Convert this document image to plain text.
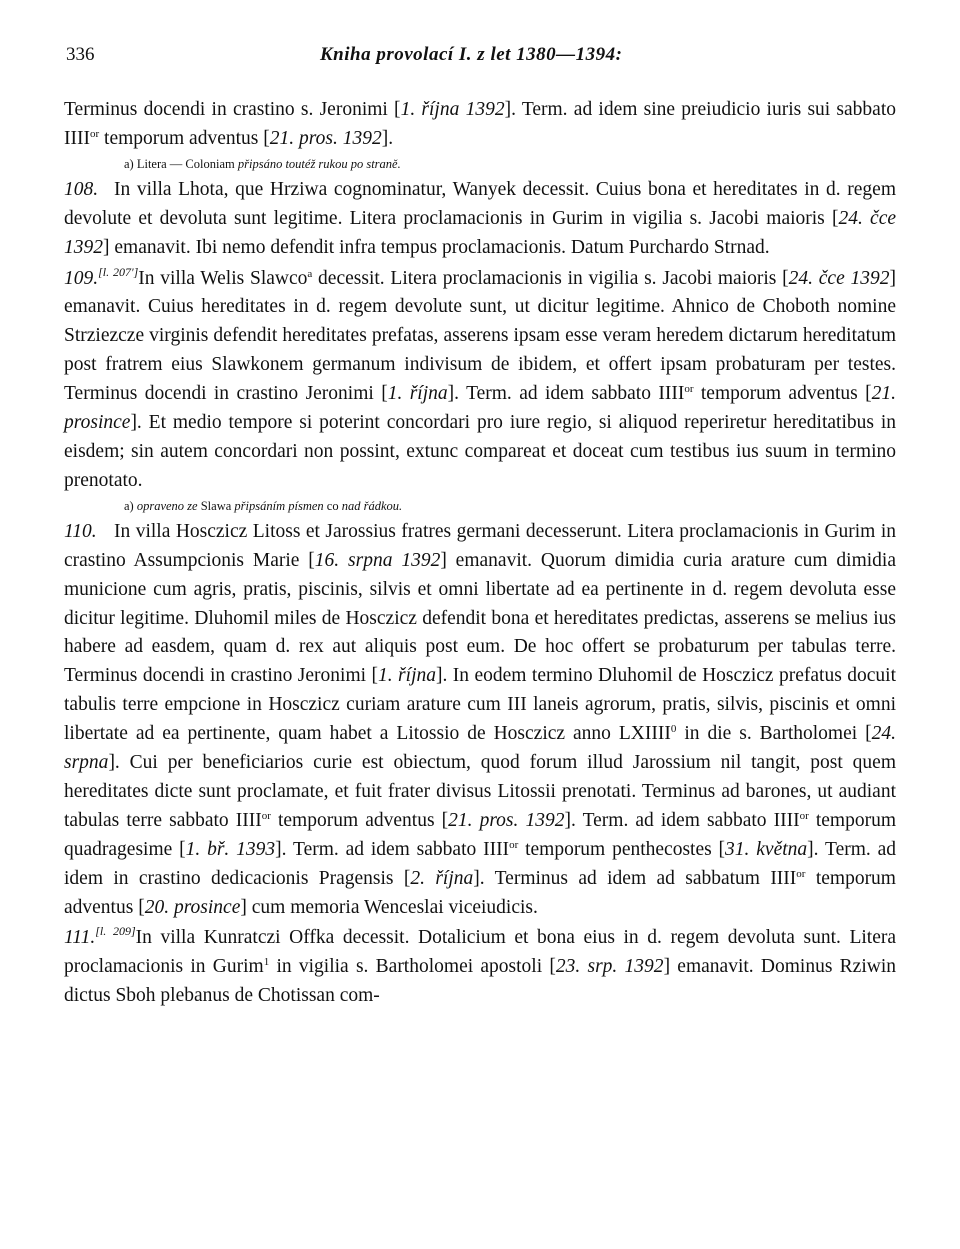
336	Kniha provolací I. z let 1380—1394:

Terminus docendi in crastino s. Jeronimi [1. října 1392]. Term. ad idem sine preiudicio iuris sui sabbato $IIII^{or}$ temporum adventus [21. pros. 1392].

a) Litera — Coloniam připsáno toutéž rukou po straně.

108. In villa Lhota, que Hrziwa cognominatur, Wanyek decessit. Cuius bona et hereditates in d. regem devolute et devoluta sunt legitime. Litera proclamacionis in Gurim in vigilia s. Jacobi maioris [24. čce 1392] emanavit. Ibi nemo defendit infra tempus proclamacionis. Datum Purchardo Strnad.

109.[l. 207']In villa Welis Slawco$^a$ decessit. Litera proclamacionis in vigilia s. Jacobi maioris [24. čce 1392] emanavit. Cuius hereditates in d. regem devolute sunt, ut dicitur legitime. Ahnico de Choboth nomine Strziezcze virginis defendit hereditates prefatas, asserens ipsam esse veram heredem dictarum hereditatum post fratrem eius Slawkonem germanum indivisum de ibidem, et offert ipsam probaturam per testes. Terminus docendi in crastino Jeronimi [1. října]. Term. ad idem sabbato $IIII^{or}$ temporum adventus [21. prosince]. Et medio tempore si poterint concordari pro iure regio, si aliquod reperiretur hereditatibus in eisdem; sin autem concordari non possint, extunc compareat et doceat cum testibus ius suum in termino prenotato.

a) opraveno ze Slawa připsáním písmen co nad řádkou.

110. In villa Hosczicz Litoss et Jarossius fratres germani decesserunt. Litera proclamacionis in Gurim in crastino Assumpcionis Marie [16. srpna 1392] emanavit. Quorum dimidia curia arature cum dimidia municione cum agris, pratis, piscinis, silvis et omni libertate ad ea pertinente in d. regem devoluta esse dicitur legitime. Dluhomil miles de Hosczicz defendit bona et hereditates predictas, asserens se melius ius habere ad easdem, quam d. rex aut aliquis post eum. De hoc offert se probaturum per tabulas terre. Terminus docendi in crastino Jeronimi [1. října]. In eodem termino Dluhomil de Hosczicz prefatus docuit tabulis terre empcione in Hosczicz curiam arature cum III laneis agrorum, pratis, silvis, piscinis et omni libertate ad ea pertinente, quam habet a Litossio de Hosczicz anno LXIIII$^0$ in die s. Bartholomei [24. srpna]. Cui per beneficiarios curie est obiectum, quod forum illud Jarossium nil tangit, post quem hereditates dicte sunt proclamate, et fuit frater divisus Litossii prenotati. Terminus ad barones, ut audiant tabulas terre sabbato $IIII^{or}$ temporum adventus [21. pros. 1392]. Term. ad idem sabbato $IIII^{or}$ temporum quadragesime [1. bř. 1393]. Term. ad idem sabbato $IIII^{or}$ temporum penthecostes [31. května]. Term. ad idem in crastino dedicacionis Pragensis [2. října]. Terminus ad idem ad sabbatum $IIII^{or}$ temporum adventus [20. prosince] cum memoria Wenceslai viceiudicis.

111.[l. 209]In villa Kunratczi Offka decessit. Dotalicium et bona eius in d. regem devoluta sunt. Litera proclamacionis in Gurim$^1$ in vigilia s. Bartholomei apostoli [23. srp. 1392] emanavit. Dominus Rziwin dictus Sboh plebanus de Chotissan com-
